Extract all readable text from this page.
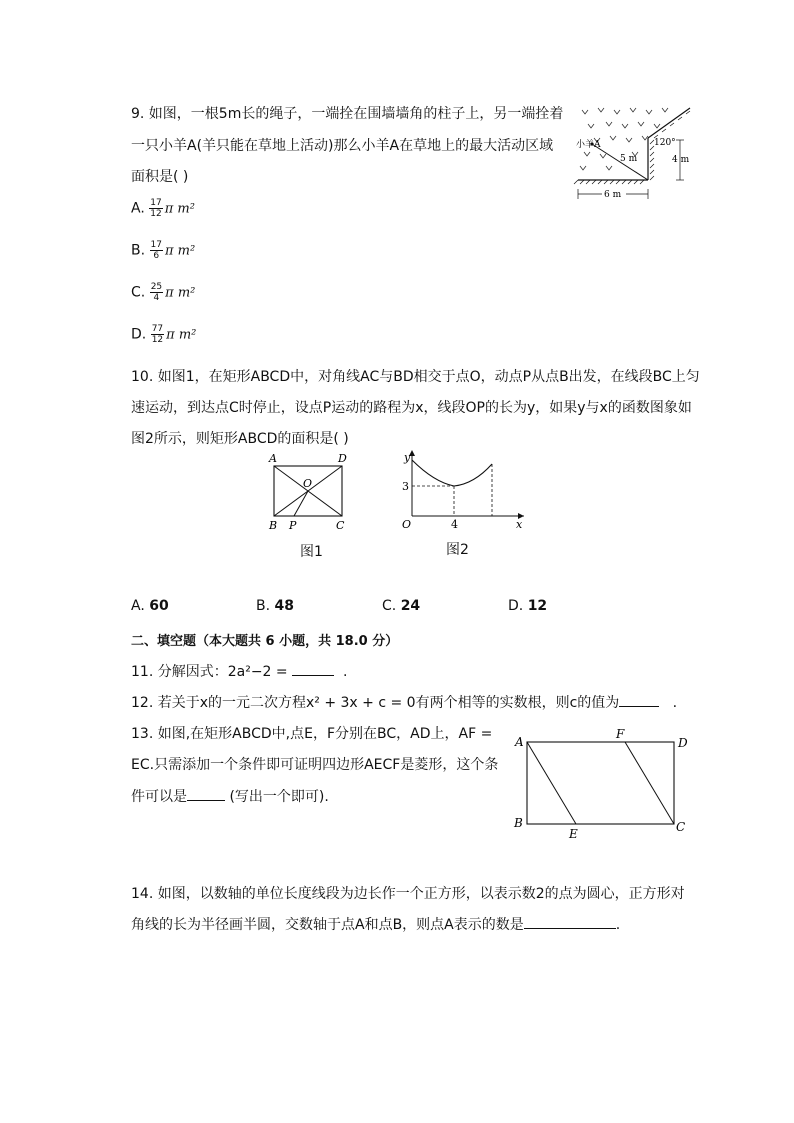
9. 如图，一根5m长的绳子，一端拴在围墙墙角的柱子上，另一端拴着
一只小羊A(羊只能在草地上活动)那么小羊A在草地上的最大活动区域
面积是( )
A. $\frac{17}{12}$ π m²
B. $\frac{17}{6}$ π m²
C. $\frac{25}{4}$ π m²
D. $\frac{77}{12}$ π m²
小羊A
5 m
120°
4 m
6 m
10. 如图1，在矩形ABCD中，对角线AC与BD相交于点O，动点P从点B出发，在线段BC上匀
速运动，到达点C时停止，设点P运动的路程为x，线段OP的长为y，如果y与x的函数图象如
图2所示，则矩形ABCD的面积是( )
A	D
B	C
O
P
图1
y
x
O
3
4
图2
A. 60	B. 48	C. 24	D. 12
二、填空题（本大题共 6 小题，共 18.0 分）
11. 分解因式：2a²−2 =	.
12. 若关于x的一元二次方程x² + 3x + c = 0有两个相等的实数根，则c的值为	.
13. 如图,在矩形ABCD中,点E，F分别在BC，AD上，AF =
EC.只需添加一个条件即可证明四边形AECF是菱形，这个条
件可以是	(写出一个即可).
A	D
B	C
E
F
14. 如图，以数轴的单位长度线段为边长作一个正方形，以表示数2的点为圆心，正方形对
角线的长为半径画半圆，交数轴于点A和点B，则点A表示的数是	.
